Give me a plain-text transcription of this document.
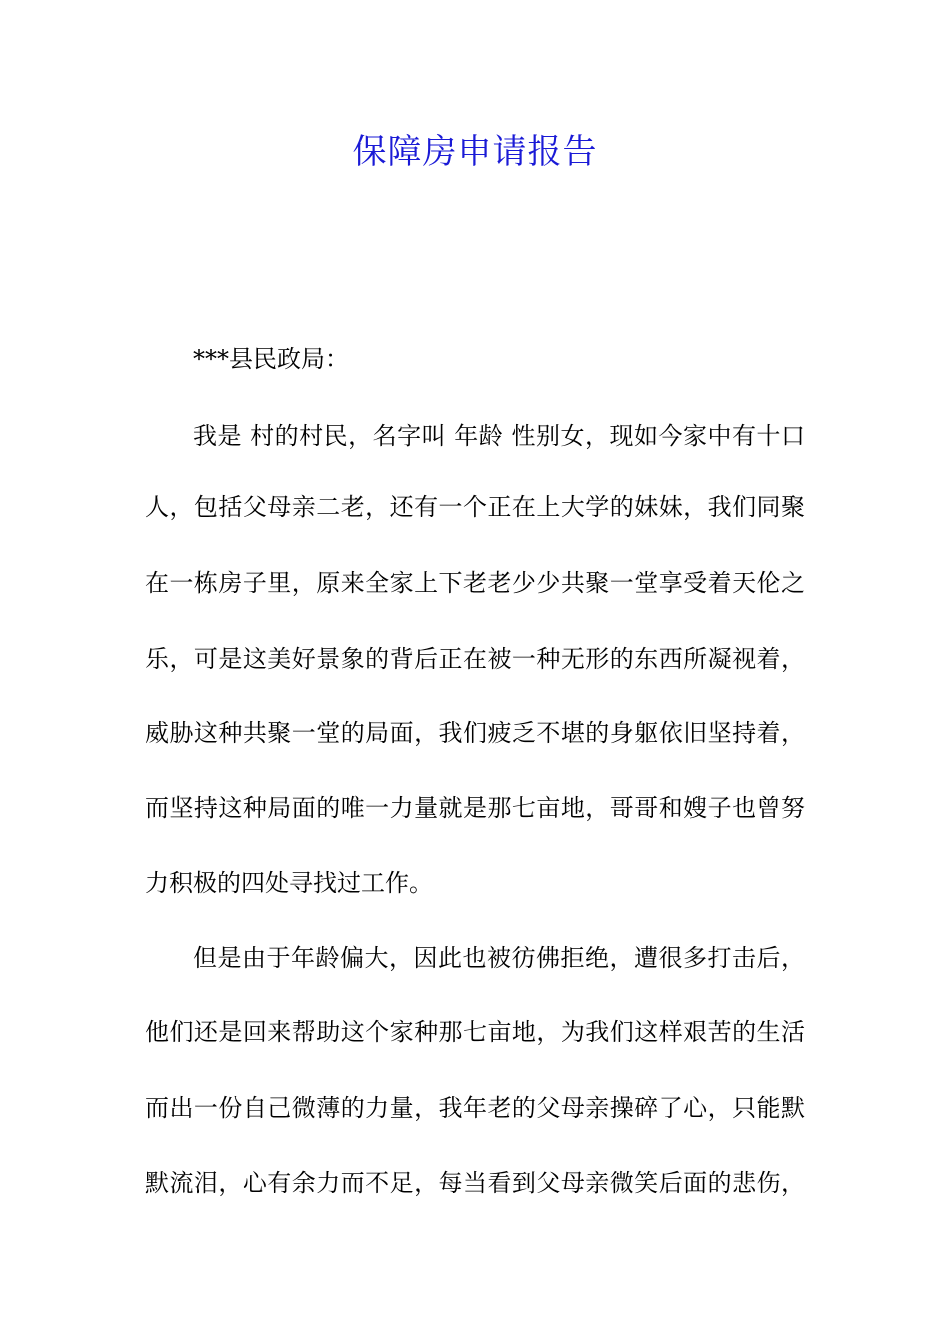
保障房申请报告
***县民政局：
我是 村的村民，名字叫 年龄 性别女，现如今家中有十口
人，包括父母亲二老，还有一个正在上大学的妹妹，我们同聚
在一栋房子里，原来全家上下老老少少共聚一堂享受着天伦之
乐，可是这美好景象的背后正在被一种无形的东西所凝视着，
威胁这种共聚一堂的局面，我们疲乏不堪的身躯依旧坚持着，
而坚持这种局面的唯一力量就是那七亩地，哥哥和嫂子也曾努
力积极的四处寻找过工作。
但是由于年龄偏大，因此也被彷佛拒绝，遭很多打击后，
他们还是回来帮助这个家种那七亩地，为我们这样艰苦的生活
而出一份自己微薄的力量，我年老的父母亲操碎了心，只能默
默流泪，心有余力而不足，每当看到父母亲微笑后面的悲伤，
